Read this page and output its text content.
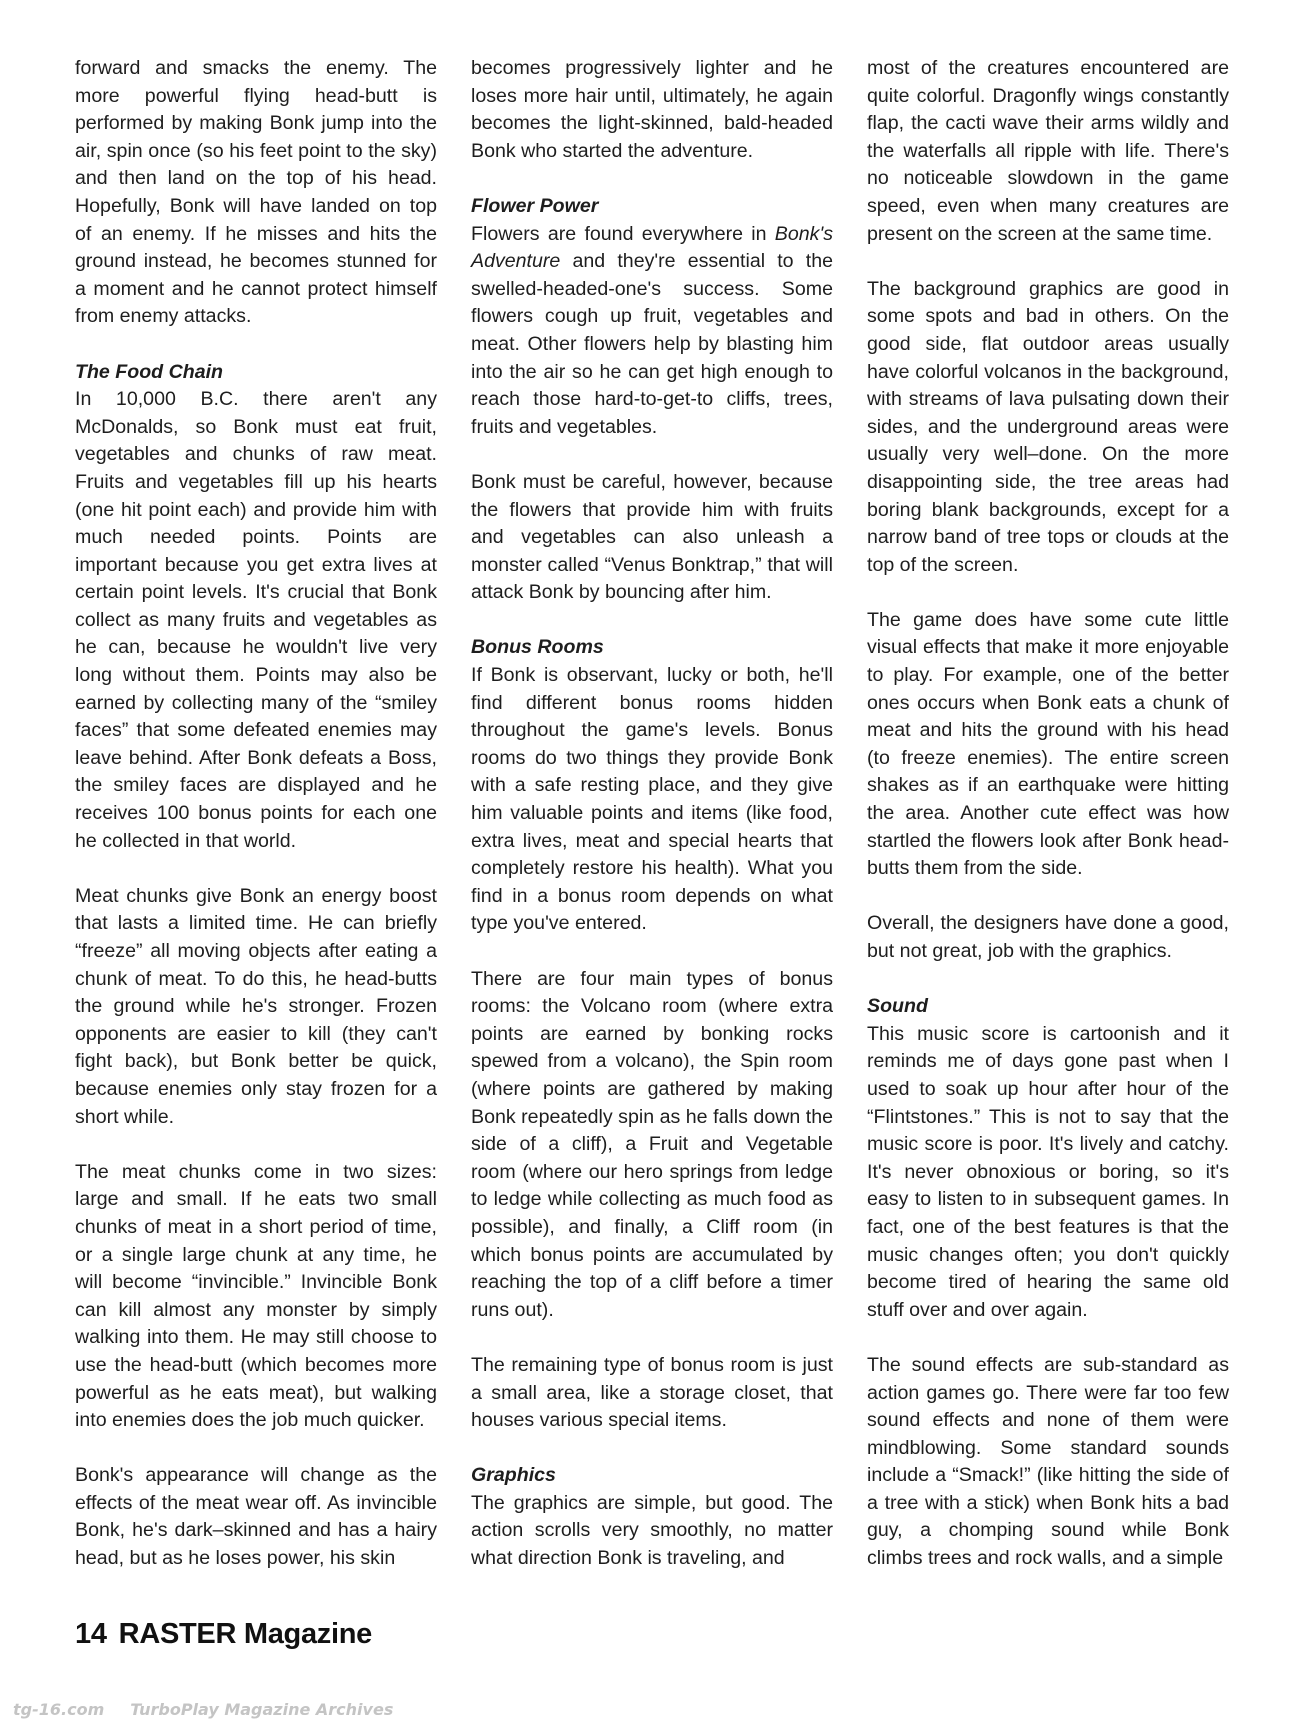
forward and smacks the enemy. The more powerful flying head-butt is performed by making Bonk jump into the air, spin once (so his feet point to the sky) and then land on the top of his head. Hopefully, Bonk will have landed on top of an enemy. If he misses and hits the ground instead, he becomes stunned for a moment and he cannot protect himself from enemy attacks.

The Food Chain

In 10,000 B.C. there aren't any McDonalds, so Bonk must eat fruit, vegetables and chunks of raw meat. Fruits and vegetables fill up his hearts (one hit point each) and provide him with much needed points. Points are important because you get extra lives at certain point levels. It's crucial that Bonk collect as many fruits and vegetables as he can, because he wouldn't live very long without them. Points may also be earned by collecting many of the “smiley faces” that some defeated enemies may leave behind. After Bonk defeats a Boss, the smiley faces are displayed and he receives 100 bonus points for each one he collected in that world.

Meat chunks give Bonk an energy boost that lasts a limited time. He can briefly “freeze” all moving objects after eating a chunk of meat. To do this, he head-butts the ground while he's stronger. Frozen opponents are easier to kill (they can't fight back), but Bonk better be quick, because enemies only stay frozen for a short while.

The meat chunks come in two sizes: large and small. If he eats two small chunks of meat in a short period of time, or a single large chunk at any time, he will become “invincible.” Invincible Bonk can kill almost any monster by simply walking into them. He may still choose to use the head-butt (which becomes more powerful as he eats meat), but walking into enemies does the job much quicker.

Bonk's appearance will change as the effects of the meat wear off. As invincible Bonk, he's dark–skinned and has a hairy head, but as he loses power, his skin

becomes progressively lighter and he loses more hair until, ultimately, he again becomes the light-skinned, bald-headed Bonk who started the adventure.

Flower Power

Flowers are found everywhere in Bonk's Adventure and they're essential to the swelled-headed-one's success. Some flowers cough up fruit, vegetables and meat. Other flowers help by blasting him into the air so he can get high enough to reach those hard-to-get-to cliffs, trees, fruits and vegetables.

Bonk must be careful, however, because the flowers that provide him with fruits and vegetables can also unleash a monster called “Venus Bonktrap,” that will attack Bonk by bouncing after him.

Bonus Rooms

If Bonk is observant, lucky or both, he'll find different bonus rooms hidden throughout the game's levels. Bonus rooms do two things they provide Bonk with a safe resting place, and they give him valuable points and items (like food, extra lives, meat and special hearts that completely restore his health). What you find in a bonus room depends on what type you've entered.

There are four main types of bonus rooms: the Volcano room (where extra points are earned by bonking rocks spewed from a volcano), the Spin room (where points are gathered by making Bonk repeatedly spin as he falls down the side of a cliff), a Fruit and Vegetable room (where our hero springs from ledge to ledge while collecting as much food as possible), and finally, a Cliff room (in which bonus points are accumulated by reaching the top of a cliff before a timer runs out).

The remaining type of bonus room is just a small area, like a storage closet, that houses various special items.

Graphics

The graphics are simple, but good. The action scrolls very smoothly, no matter what direction Bonk is traveling, and

most of the creatures encountered are quite colorful. Dragonfly wings constantly flap, the cacti wave their arms wildly and the waterfalls all ripple with life. There's no noticeable slowdown in the game speed, even when many creatures are present on the screen at the same time.

The background graphics are good in some spots and bad in others. On the good side, flat outdoor areas usually have colorful volcanos in the background, with streams of lava pulsating down their sides, and the underground areas were usually very well–done. On the more disappointing side, the tree areas had boring blank backgrounds, except for a narrow band of tree tops or clouds at the top of the screen.

The game does have some cute little visual effects that make it more enjoyable to play. For example, one of the better ones occurs when Bonk eats a chunk of meat and hits the ground with his head (to freeze enemies). The entire screen shakes as if an earthquake were hitting the area. Another cute effect was how startled the flowers look after Bonk head-butts them from the side.

Overall, the designers have done a good, but not great, job with the graphics.

Sound

This music score is cartoonish and it reminds me of days gone past when I used to soak up hour after hour of the “Flintstones.” This is not to say that the music score is poor. It's lively and catchy. It's never obnoxious or boring, so it's easy to listen to in subsequent games. In fact, one of the best features is that the music changes often; you don't quickly become tired of hearing the same old stuff over and over again.

The sound effects are sub-standard as action games go. There were far too few sound effects and none of them were mindblowing. Some standard sounds include a “Smack!” (like hitting the side of a tree with a stick) when Bonk hits a bad guy, a chomping sound while Bonk climbs trees and rock walls, and a simple

14 RASTER Magazine
tg-16.com TurboPlay Magazine Archives
